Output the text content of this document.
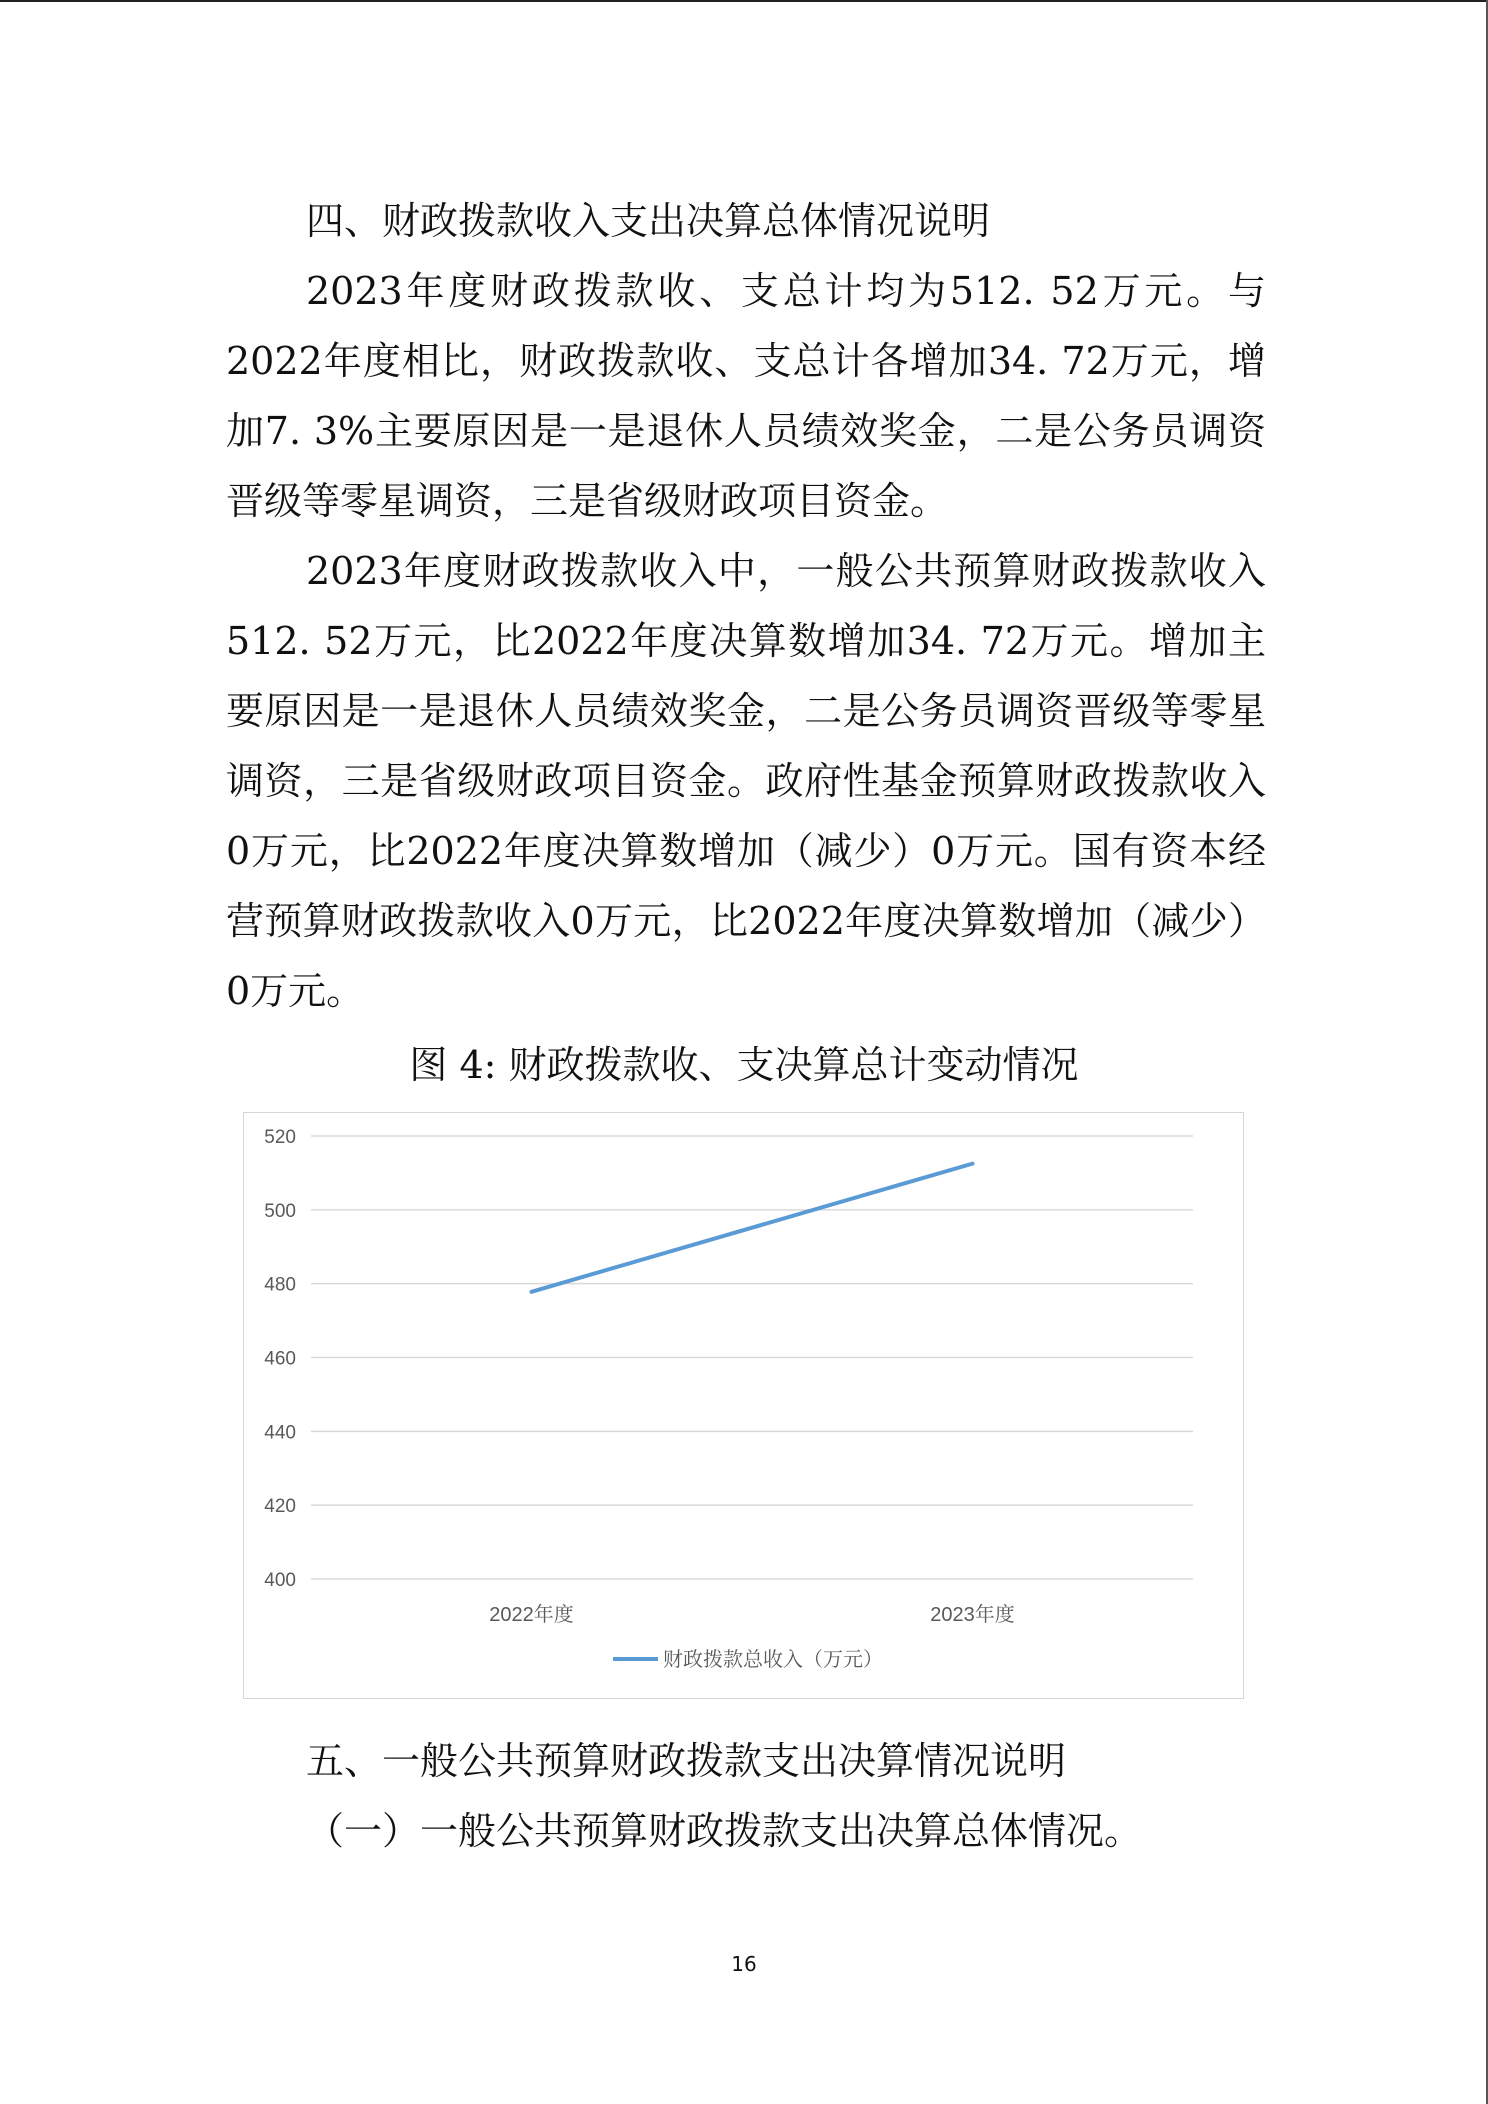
四、财政拨款收入支出决算总体情况说明

2023年度财政拨款收、支总计均为512. 52万元。与2022年度相比，财政拨款收、支总计各增加34. 72万元，增加7. 3%主要原因是一是退休人员绩效奖金，二是公务员调资晋级等零星调资，三是省级财政项目资金。

2023年度财政拨款收入中，一般公共预算财政拨款收入512. 52万元，比2022年度决算数增加34. 72万元。增加主要原因是一是退休人员绩效奖金，二是公务员调资晋级等零星调资，三是省级财政项目资金。政府性基金预算财政拨款收入0万元，比2022年度决算数增加（减少）0万元。国有资本经营预算财政拨款收入0万元，比2022年度决算数增加（减少）0万元。

图 4: 财政拨款收、支决算总计变动情况
400
420
440
460
480
500
520
2022年度	2023年度
财政拨款总收入（万元）
五、一般公共预算财政拨款支出决算情况说明
（一）一般公共预算财政拨款支出决算总体情况。
16
